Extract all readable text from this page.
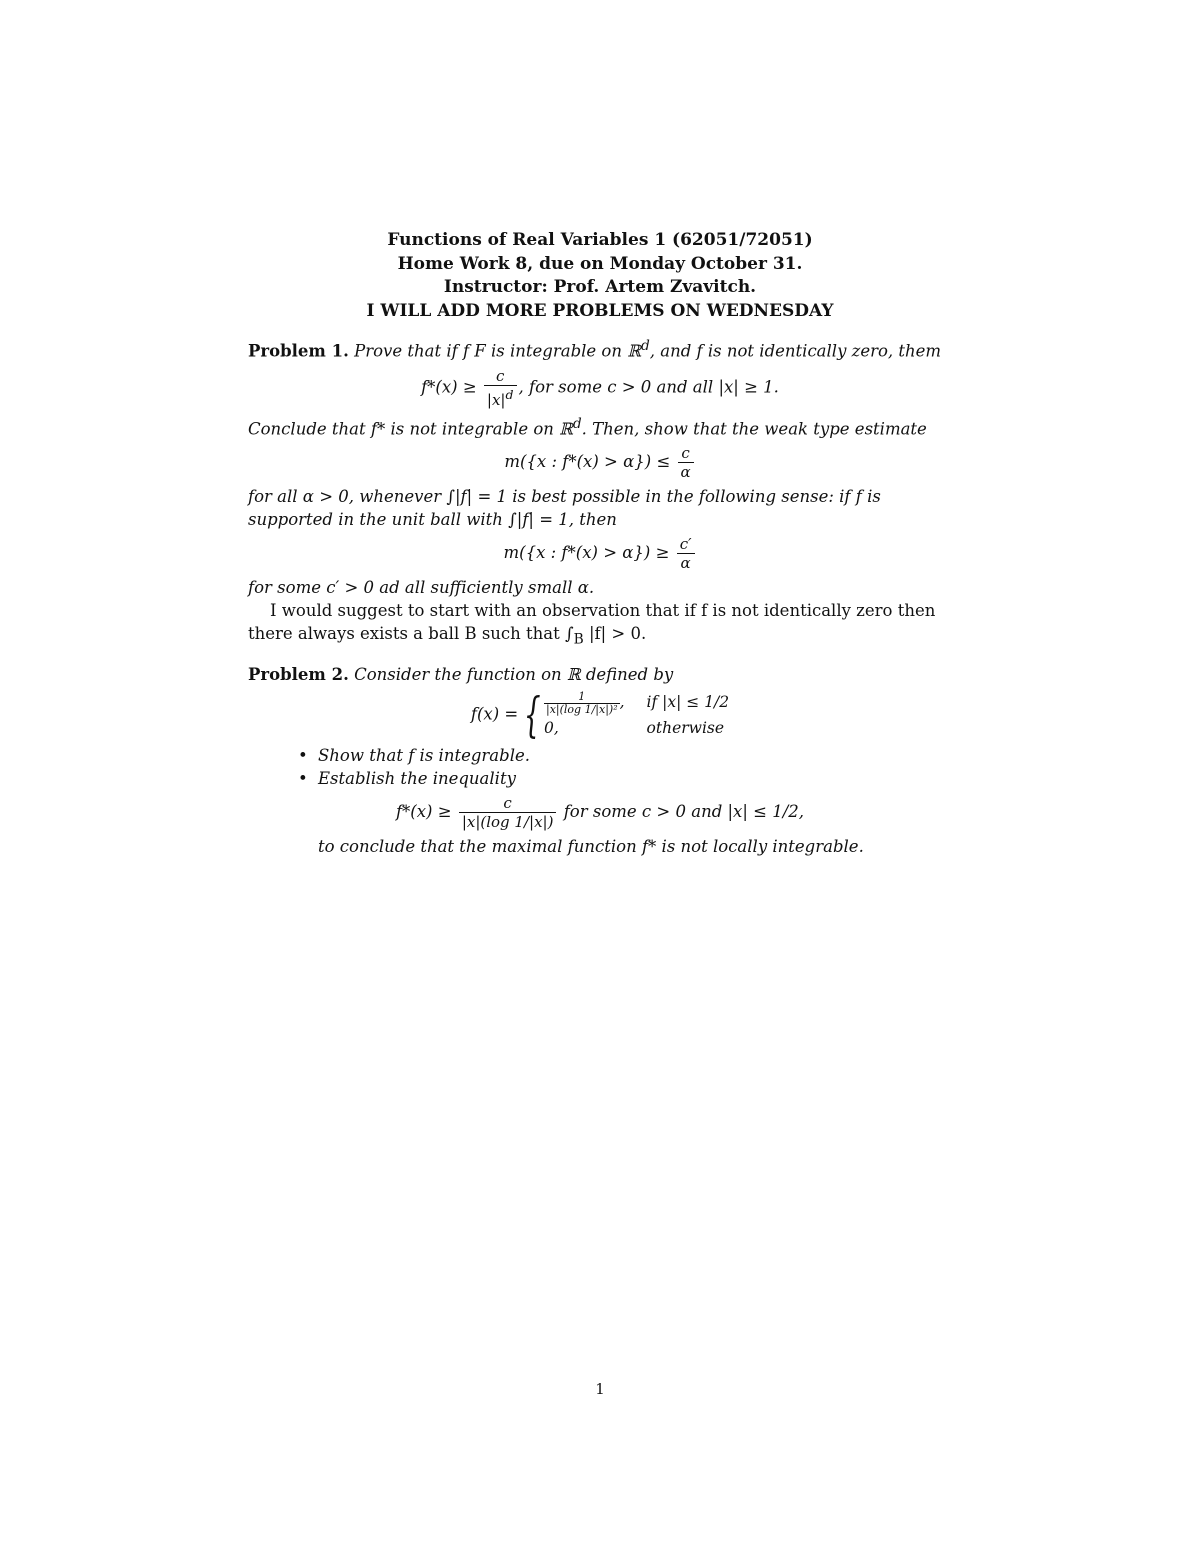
Functions of Real Variables 1 (62051/72051)
Home Work 8, due on Monday October 31.
Instructor: Prof. Artem Zvavitch.
I WILL ADD MORE PROBLEMS ON WEDNESDAY
Problem 1. Prove that if f F is integrable on ℝ$^d$, and f is not identically zero, them
$f*(x) \ge \frac{c}{|x|^d}$ , for some c > 0 and all |x| ≥ 1.
Conclude that f* is not integrable on ℝ$^d$. Then, show that the weak type estimate
m({x : $f*(x) > \alpha\}) \le \frac{c}{\alpha}$
for all α > 0, whenever ∫|f| = 1 is best possible in the following sense: if f is supported in the unit ball with ∫|f| = 1, then
m({x : $f*(x) > \alpha\}) \ge \frac{c'}{\alpha}$
for some c′ > 0 ad all sufficiently small α.
I would suggest to start with an observation that if f is not identically zero then there always exists a ball B such that $\int_B$ |f| > 0.
Problem 2. Consider the function on ℝ defined by
f(x) = { $\frac{1}{\text{|x|(log 1/|x|)²}}$ , if |x| ≤ 1/2
0,	otherwise
• Show that f is integrable.
• Establish the inequality
$f*(x) \ge \frac{c}{|x|(\log 1/|x|)}$ for some c > 0 and |x| ≤ 1/2,
to conclude that the maximal function f* is not locally integrable.
1
